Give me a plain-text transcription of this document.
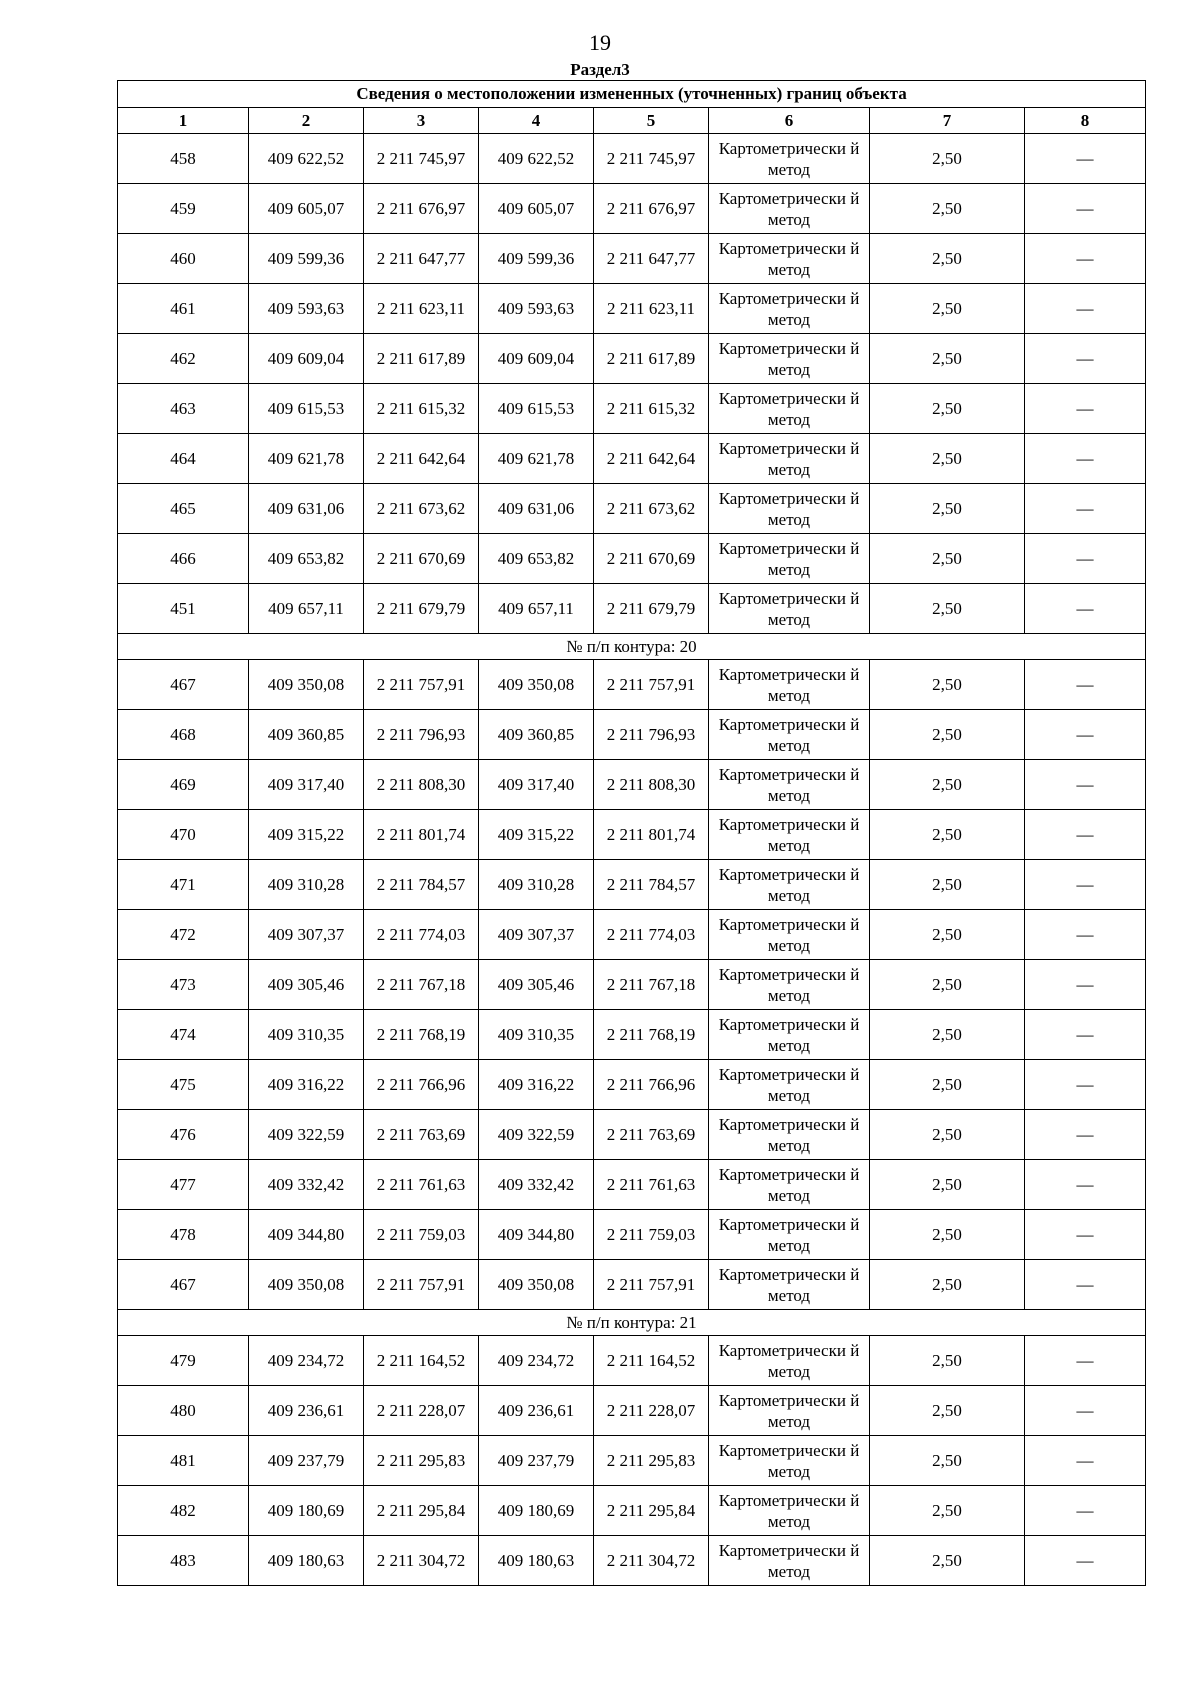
19
Раздел3
Сведения о местоположении измененных (уточненных) границ объекта							
1	2	3	4	5	6	7	8
458	409 622,52	2 211 745,97	409 622,52	2 211 745,97	Картометрически й метод	2,50	—
459	409 605,07	2 211 676,97	409 605,07	2 211 676,97	Картометрически й метод	2,50	—
460	409 599,36	2 211 647,77	409 599,36	2 211 647,77	Картометрически й метод	2,50	—
461	409 593,63	2 211 623,11	409 593,63	2 211 623,11	Картометрически й метод	2,50	—
462	409 609,04	2 211 617,89	409 609,04	2 211 617,89	Картометрически й метод	2,50	—
463	409 615,53	2 211 615,32	409 615,53	2 211 615,32	Картометрически й метод	2,50	—
464	409 621,78	2 211 642,64	409 621,78	2 211 642,64	Картометрически й метод	2,50	—
465	409 631,06	2 211 673,62	409 631,06	2 211 673,62	Картометрически й метод	2,50	—
466	409 653,82	2 211 670,69	409 653,82	2 211 670,69	Картометрически й метод	2,50	—
451	409 657,11	2 211 679,79	409 657,11	2 211 679,79	Картометрически й метод	2,50	—
№ п/п контура: 20							
467	409 350,08	2 211 757,91	409 350,08	2 211 757,91	Картометрически й метод	2,50	—
468	409 360,85	2 211 796,93	409 360,85	2 211 796,93	Картометрически й метод	2,50	—
469	409 317,40	2 211 808,30	409 317,40	2 211 808,30	Картометрически й метод	2,50	—
470	409 315,22	2 211 801,74	409 315,22	2 211 801,74	Картометрически й метод	2,50	—
471	409 310,28	2 211 784,57	409 310,28	2 211 784,57	Картометрически й метод	2,50	—
472	409 307,37	2 211 774,03	409 307,37	2 211 774,03	Картометрически й метод	2,50	—
473	409 305,46	2 211 767,18	409 305,46	2 211 767,18	Картометрически й метод	2,50	—
474	409 310,35	2 211 768,19	409 310,35	2 211 768,19	Картометрически й метод	2,50	—
475	409 316,22	2 211 766,96	409 316,22	2 211 766,96	Картометрически й метод	2,50	—
476	409 322,59	2 211 763,69	409 322,59	2 211 763,69	Картометрически й метод	2,50	—
477	409 332,42	2 211 761,63	409 332,42	2 211 761,63	Картометрически й метод	2,50	—
478	409 344,80	2 211 759,03	409 344,80	2 211 759,03	Картометрически й метод	2,50	—
467	409 350,08	2 211 757,91	409 350,08	2 211 757,91	Картометрически й метод	2,50	—
№ п/п контура: 21							
479	409 234,72	2 211 164,52	409 234,72	2 211 164,52	Картометрически й метод	2,50	—
480	409 236,61	2 211 228,07	409 236,61	2 211 228,07	Картометрически й метод	2,50	—
481	409 237,79	2 211 295,83	409 237,79	2 211 295,83	Картометрически й метод	2,50	—
482	409 180,69	2 211 295,84	409 180,69	2 211 295,84	Картометрически й метод	2,50	—
483	409 180,63	2 211 304,72	409 180,63	2 211 304,72	Картометрически й метод	2,50	—
